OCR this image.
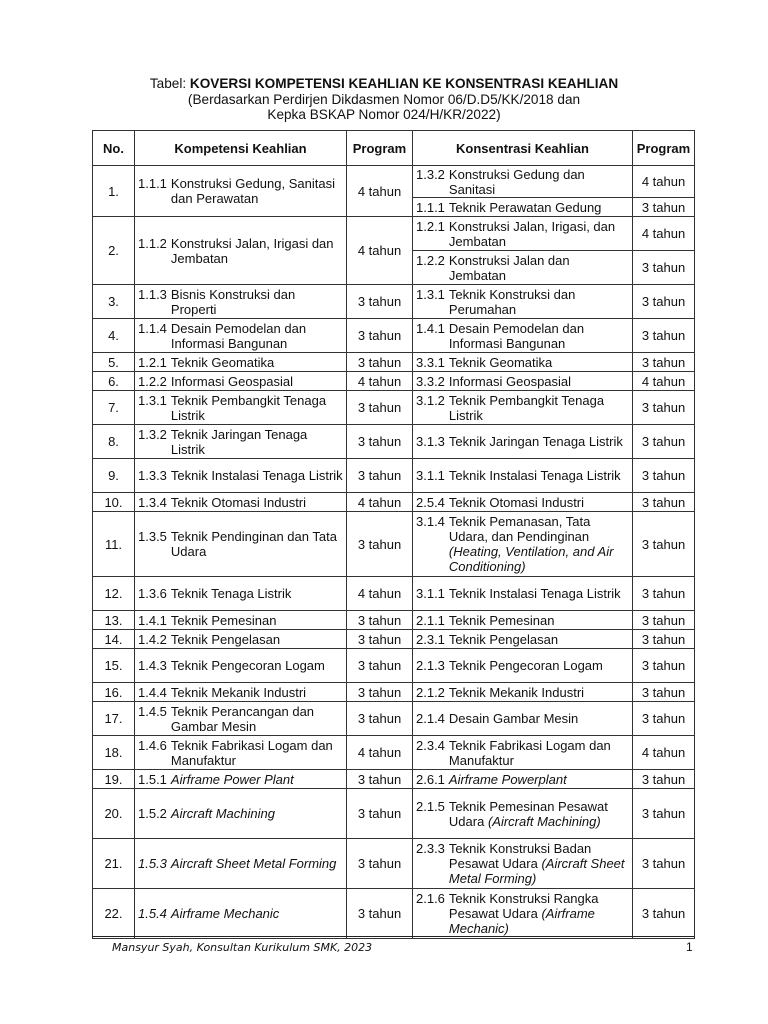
Tabel: KOVERSI KOMPETENSI KEAHLIAN KE KONSENTRASI KEAHLIAN
(Berdasarkan Perdirjen Dikdasmen Nomor 06/D.D5/KK/2018 dan
Kepka BSKAP Nomor 024/H/KR/2022)
No.	Kompetensi Keahlian	Program	Konsentrasi Keahlian	Program
1.	1.1.1 Konstruksi Gedung, Sanitasi dan Perawatan	4 tahun	1.3.2 Konstruksi Gedung dan Sanitasi	4 tahun

			1.1.1 Teknik Perawatan Gedung	3 tahun
2.	1.1.2 Konstruksi Jalan, Irigasi dan Jembatan	4 tahun	1.2.1 Konstruksi Jalan, Irigasi, dan Jembatan	4 tahun

			1.2.2 Konstruksi Jalan dan Jembatan	3 tahun
3.	1.1.3 Bisnis Konstruksi dan Properti	3 tahun	1.3.1 Teknik Konstruksi dan Perumahan	3 tahun
4.	1.1.4 Desain Pemodelan dan Informasi Bangunan	3 tahun	1.4.1 Desain Pemodelan dan Informasi Bangunan	3 tahun
5.	1.2.1 Teknik Geomatika	3 tahun	3.3.1 Teknik Geomatika	3 tahun
6.	1.2.2 Informasi Geospasial	4 tahun	3.3.2 Informasi Geospasial	4 tahun
7.	1.3.1 Teknik Pembangkit Tenaga Listrik	3 tahun	3.1.2 Teknik Pembangkit Tenaga Listrik	3 tahun
8.	1.3.2 Teknik Jaringan Tenaga Listrik	3 tahun	3.1.3 Teknik Jaringan Tenaga Listrik	3 tahun
9.	1.3.3 Teknik Instalasi Tenaga Listrik	3 tahun	3.1.1 Teknik Instalasi Tenaga Listrik	3 tahun
10.	1.3.4 Teknik Otomasi Industri	4 tahun	2.5.4 Teknik Otomasi Industri	3 tahun
11.	1.3.5 Teknik Pendinginan dan Tata Udara	3 tahun	3.1.4 Teknik Pemanasan, Tata Udara, dan Pendinginan (Heating, Ventilation, and Air Conditioning)	3 tahun
12.	1.3.6 Teknik Tenaga Listrik	4 tahun	3.1.1 Teknik Instalasi Tenaga Listrik	3 tahun
13.	1.4.1 Teknik Pemesinan	3 tahun	2.1.1 Teknik Pemesinan	3 tahun
14.	1.4.2 Teknik Pengelasan	3 tahun	2.3.1 Teknik Pengelasan	3 tahun
15.	1.4.3 Teknik Pengecoran Logam	3 tahun	2.1.3 Teknik Pengecoran Logam	3 tahun
16.	1.4.4 Teknik Mekanik Industri	3 tahun	2.1.2 Teknik Mekanik Industri	3 tahun
17.	1.4.5 Teknik Perancangan dan Gambar Mesin	3 tahun	2.1.4 Desain Gambar Mesin	3 tahun
18.	1.4.6 Teknik Fabrikasi Logam dan Manufaktur	4 tahun	2.3.4 Teknik Fabrikasi Logam dan Manufaktur	4 tahun
19.	1.5.1 Airframe Power Plant	3 tahun	2.6.1 Airframe Powerplant	3 tahun
20.	1.5.2 Aircraft Machining	3 tahun	2.1.5 Teknik Pemesinan Pesawat Udara (Aircraft Machining)	3 tahun
21.	1.5.3 Aircraft Sheet Metal Forming	3 tahun	2.3.3 Teknik Konstruksi Badan Pesawat Udara (Aircraft Sheet Metal Forming)	3 tahun
22.	1.5.4 Airframe Mechanic	3 tahun	2.1.6 Teknik Konstruksi Rangka Pesawat Udara (Airframe Mechanic)	3 tahun
Mansyur Syah, Konsultan Kurikulum SMK, 2023	1
